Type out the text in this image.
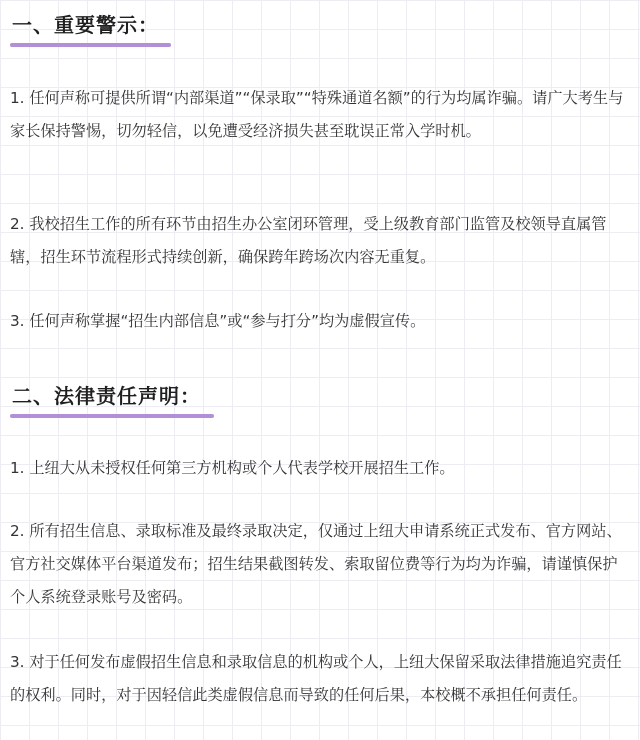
一、重要警示：

1. 任何声称可提供所谓“内部渠道”“保录取”“特殊通道名额”的行为均属诈骗。请广大考生与家长保持警惕，切勿轻信，以免遭受经济损失甚至耽误正常入学时机。

2. 我校招生工作的所有环节由招生办公室闭环管理，受上级教育部门监管及校领导直属管辖，招生环节流程形式持续创新，确保跨年跨场次内容无重复。

3. 任何声称掌握“招生内部信息”或“参与打分”均为虚假宣传。

二、法律责任声明：

1. 上纽大从未授权任何第三方机构或个人代表学校开展招生工作。

2. 所有招生信息、录取标准及最终录取决定，仅通过上纽大申请系统正式发布、官方网站、官方社交媒体平台渠道发布；招生结果截图转发、索取留位费等行为均为诈骗，请谨慎保护个人系统登录账号及密码。

3. 对于任何发布虚假招生信息和录取信息的机构或个人，上纽大保留采取法律措施追究责任的权利。同时，对于因轻信此类虚假信息而导致的任何后果，本校概不承担任何责任。
